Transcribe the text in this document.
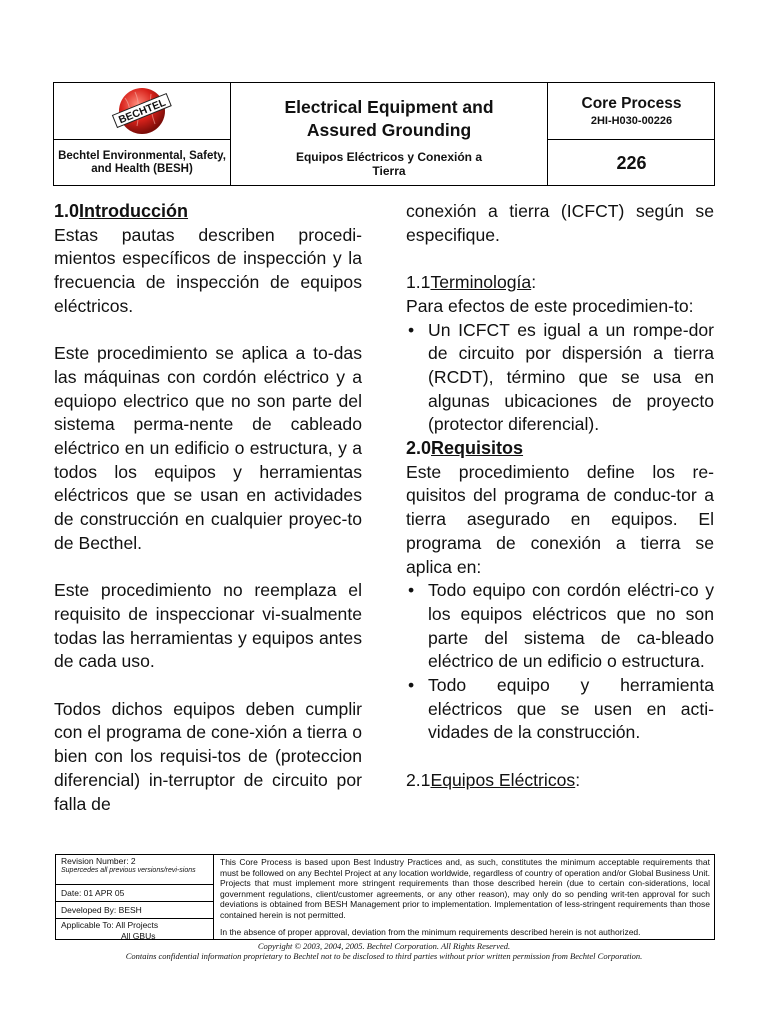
BECHTEL
Bechtel Environmental, Safety, and Health (BESH)
Electrical Equipment and
Assured Grounding
Equipos Eléctricos y Conexión a
Tierra
Core Process
2HI-H030-00226
226
1.0Introducción

Estas pautas describen procedi-mientos específicos de inspección y la frecuencia de inspección de equipos eléctricos.

Este procedimiento se aplica a to-das las máquinas con cordón eléctrico y a equiopo electrico que no son parte del sistema perma-nente de cableado eléctrico en un edificio o estructura, y a todos los equipos y herramientas eléctricos que se usan en actividades de construcción en cualquier proyec-to de Becthel.

Este procedimiento no reemplaza el requisito de inspeccionar vi-sualmente todas las herramientas y equipos antes de cada uso.

Todos dichos equipos deben cumplir con el programa de cone-xión a tierra o bien con los requisi-tos de (proteccion diferencial) in-terruptor de circuito por falla de

conexión a tierra (ICFCT) según se especifique.

1.1Terminología:

Para efectos de este procedimien-to:

• Un ICFCT es igual a un rompe-dor de circuito por dispersión a tierra (RCDT), término que se usa en algunas ubicaciones de proyecto (protector diferencial).
2.0Requisitos

Este procedimiento define los re-quisitos del programa de conduc-tor a tierra asegurado en equipos. El programa de conexión a tierra se aplica en:

• Todo equipo con cordón eléctri-co y los equipos eléctricos que no son parte del sistema de ca-bleado eléctrico de un edificio o estructura.
• Todo equipo y herramienta eléctricos que se usen en acti-vidades de la construcción.
2.1Equipos Eléctricos:
Revision Number: 2
Supercedes all previous versions/revi-sions
Date: 01 APR 05
Developed By: BESH
Applicable To: All Projects
All GBUs
This Core Process is based upon Best Industry Practices and, as such, constitutes the minimum acceptable requirements that must be followed on any Bechtel Project at any location worldwide, regardless of country of operation and/or Global Business Unit. Projects that must implement more stringent requirements than those described herein (due to certain con-siderations, local government regulations, client/customer agreements, or any other reason), may only do so pending writ-ten approval for such deviations is obtained from BESH Management prior to implementation. Implementation of less-stringent requirements than those contained herein is not permitted.
In the absence of proper approval, deviation from the minimum requirements described herein is not authorized.
Copyright © 2003, 2004, 2005. Bechtel Corporation. All Rights Reserved.
Contains confidential information proprietary to Bechtel not to be disclosed to third parties without prior written permission from Bechtel Corporation.
